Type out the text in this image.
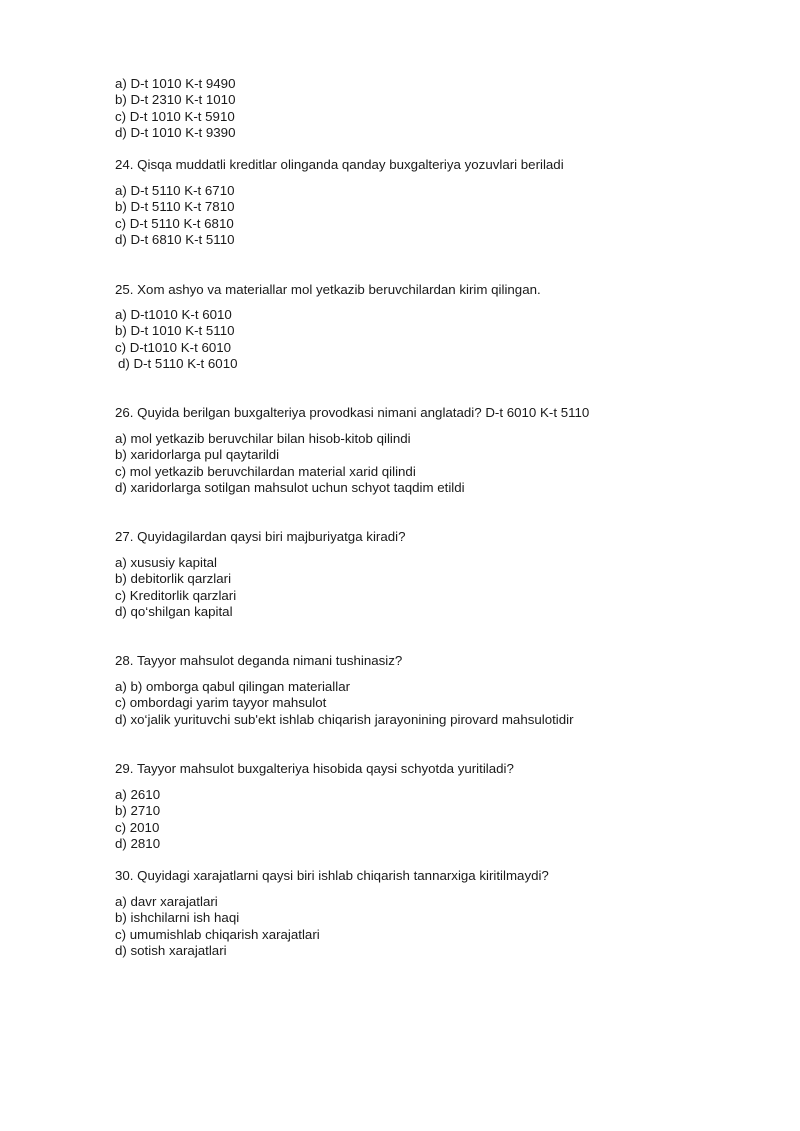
a) D-t 1010 K-t 9490
b) D-t 2310 K-t 1010
c) D-t 1010 K-t 5910
d) D-t 1010 K-t 9390
24. Qisqa muddatli kreditlar olinganda qanday buxgalteriya yozuvlari beriladi
a) D-t 5110 K-t 6710
b) D-t 5110 K-t 7810
c) D-t 5110 K-t 6810
d) D-t 6810 K-t 5110
25. Xom ashyo va materiallar mol yetkazib beruvchilardan kirim qilingan.
a) D-t1010 K-t 6010
b) D-t 1010 K-t 5110
c) D-t1010 K-t 6010
d) D-t 5110 K-t 6010
26. Quyida berilgan buxgalteriya provodkasi nimani anglatadi? D-t 6010 K-t 5110
a) mol yetkazib beruvchilar bilan hisob-kitob qilindi
b) xaridorlarga pul qaytarildi
c) mol yetkazib beruvchilardan material xarid qilindi
d) xaridorlarga sotilgan mahsulot uchun schyot taqdim etildi
27. Quyidagilardan qaysi biri majburiyatga kiradi?
a) xususiy kapital
b) debitorlik qarzlari
c) Kreditorlik qarzlari
d) qo‘shilgan kapital
28. Tayyor mahsulot deganda nimani tushinasiz?
a) b) omborga qabul qilingan materiallar
c) ombordagi yarim tayyor mahsulot
d) xo‘jalik yurituvchi sub'ekt ishlab chiqarish jarayonining pirovard mahsulotidir
29. Tayyor mahsulot buxgalteriya hisobida qaysi schyotda yuritiladi?
a) 2610
b) 2710
c) 2010
d) 2810
30. Quyidagi xarajatlarni qaysi biri ishlab chiqarish tannarxiga kiritilmaydi?
a) davr xarajatlari
b) ishchilarni ish haqi
c) umumishlab chiqarish xarajatlari
d) sotish xarajatlari
